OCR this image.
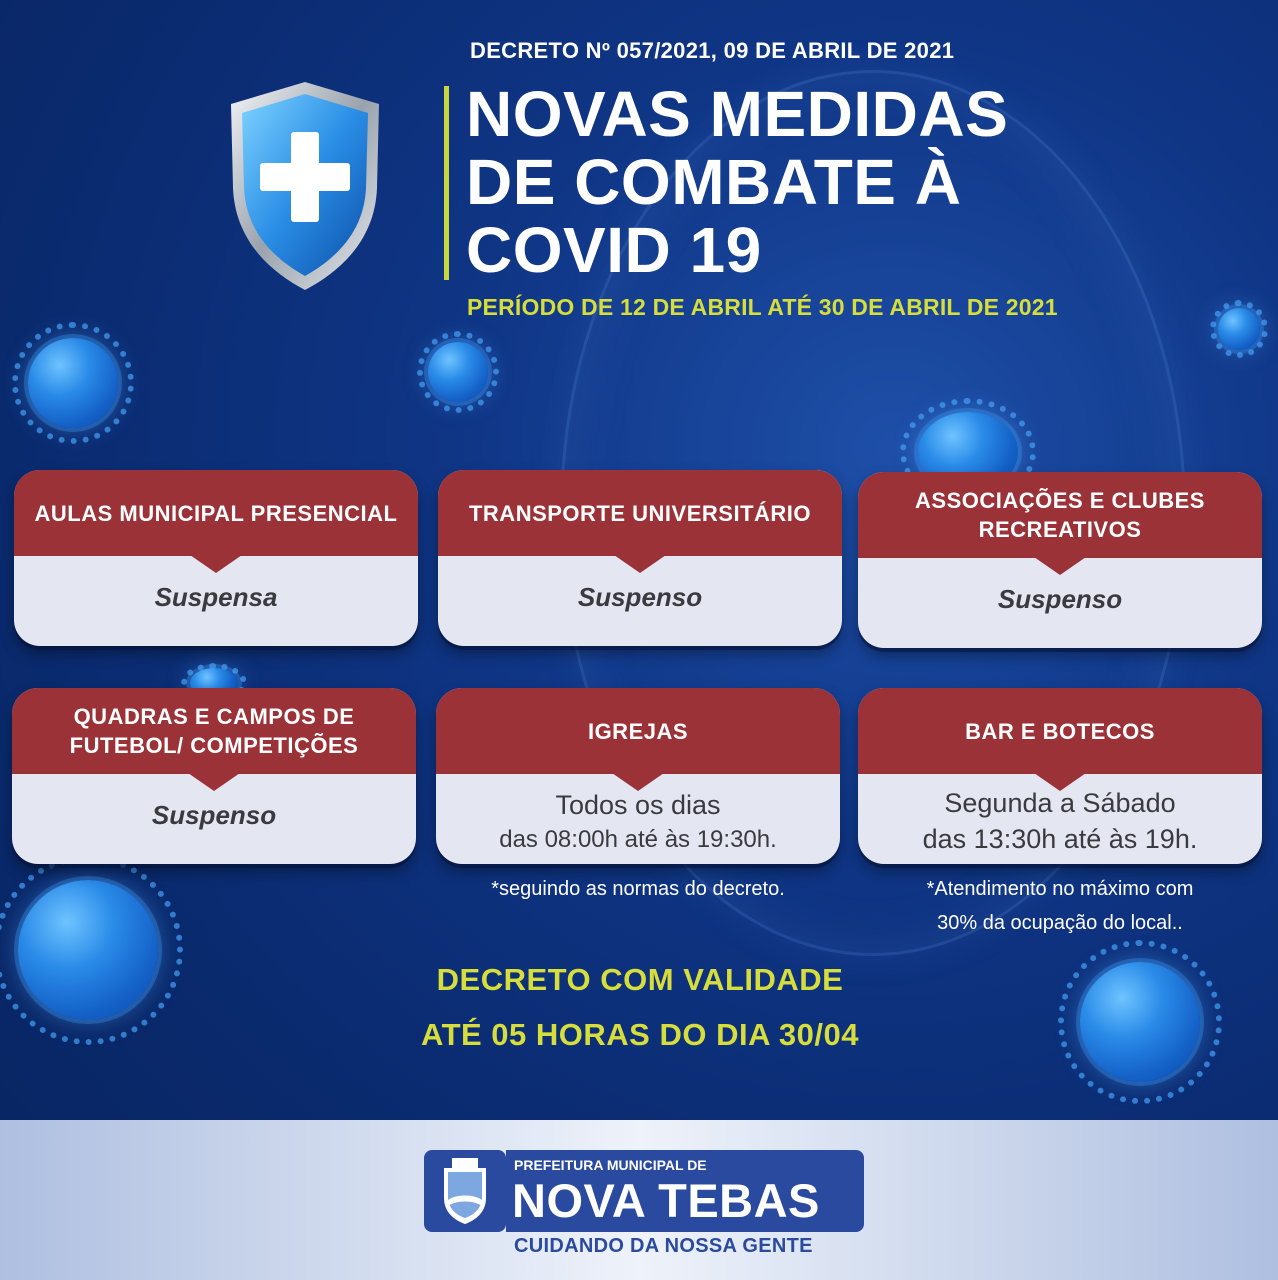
DECRETO Nº 057/2021, 09 DE ABRIL DE 2021
NOVAS MEDIDAS
DE COMBATE À
COVID 19
PERÍODO DE 12 DE ABRIL ATÉ 30 DE ABRIL DE 2021
AULAS MUNICIPAL PRESENCIAL
Suspensa
TRANSPORTE UNIVERSITÁRIO
Suspenso
ASSOCIAÇÕES E CLUBES RECREATIVOS
Suspenso
QUADRAS E CAMPOS DE FUTEBOL/ COMPETIÇÕES
Suspenso
IGREJAS
Todos os dias
das 08:00h até às 19:30h.
BAR E BOTECOS
Segunda a Sábado
das 13:30h até às 19h.
*seguindo as normas do decreto.	*Atendimento no máximo com
30% da ocupação do local..
DECRETO COM VALIDADE
ATÉ 05 HORAS DO DIA 30/04
PREFEITURA MUNICIPAL DE
NOVA TEBAS
CUIDANDO DA NOSSA GENTE
